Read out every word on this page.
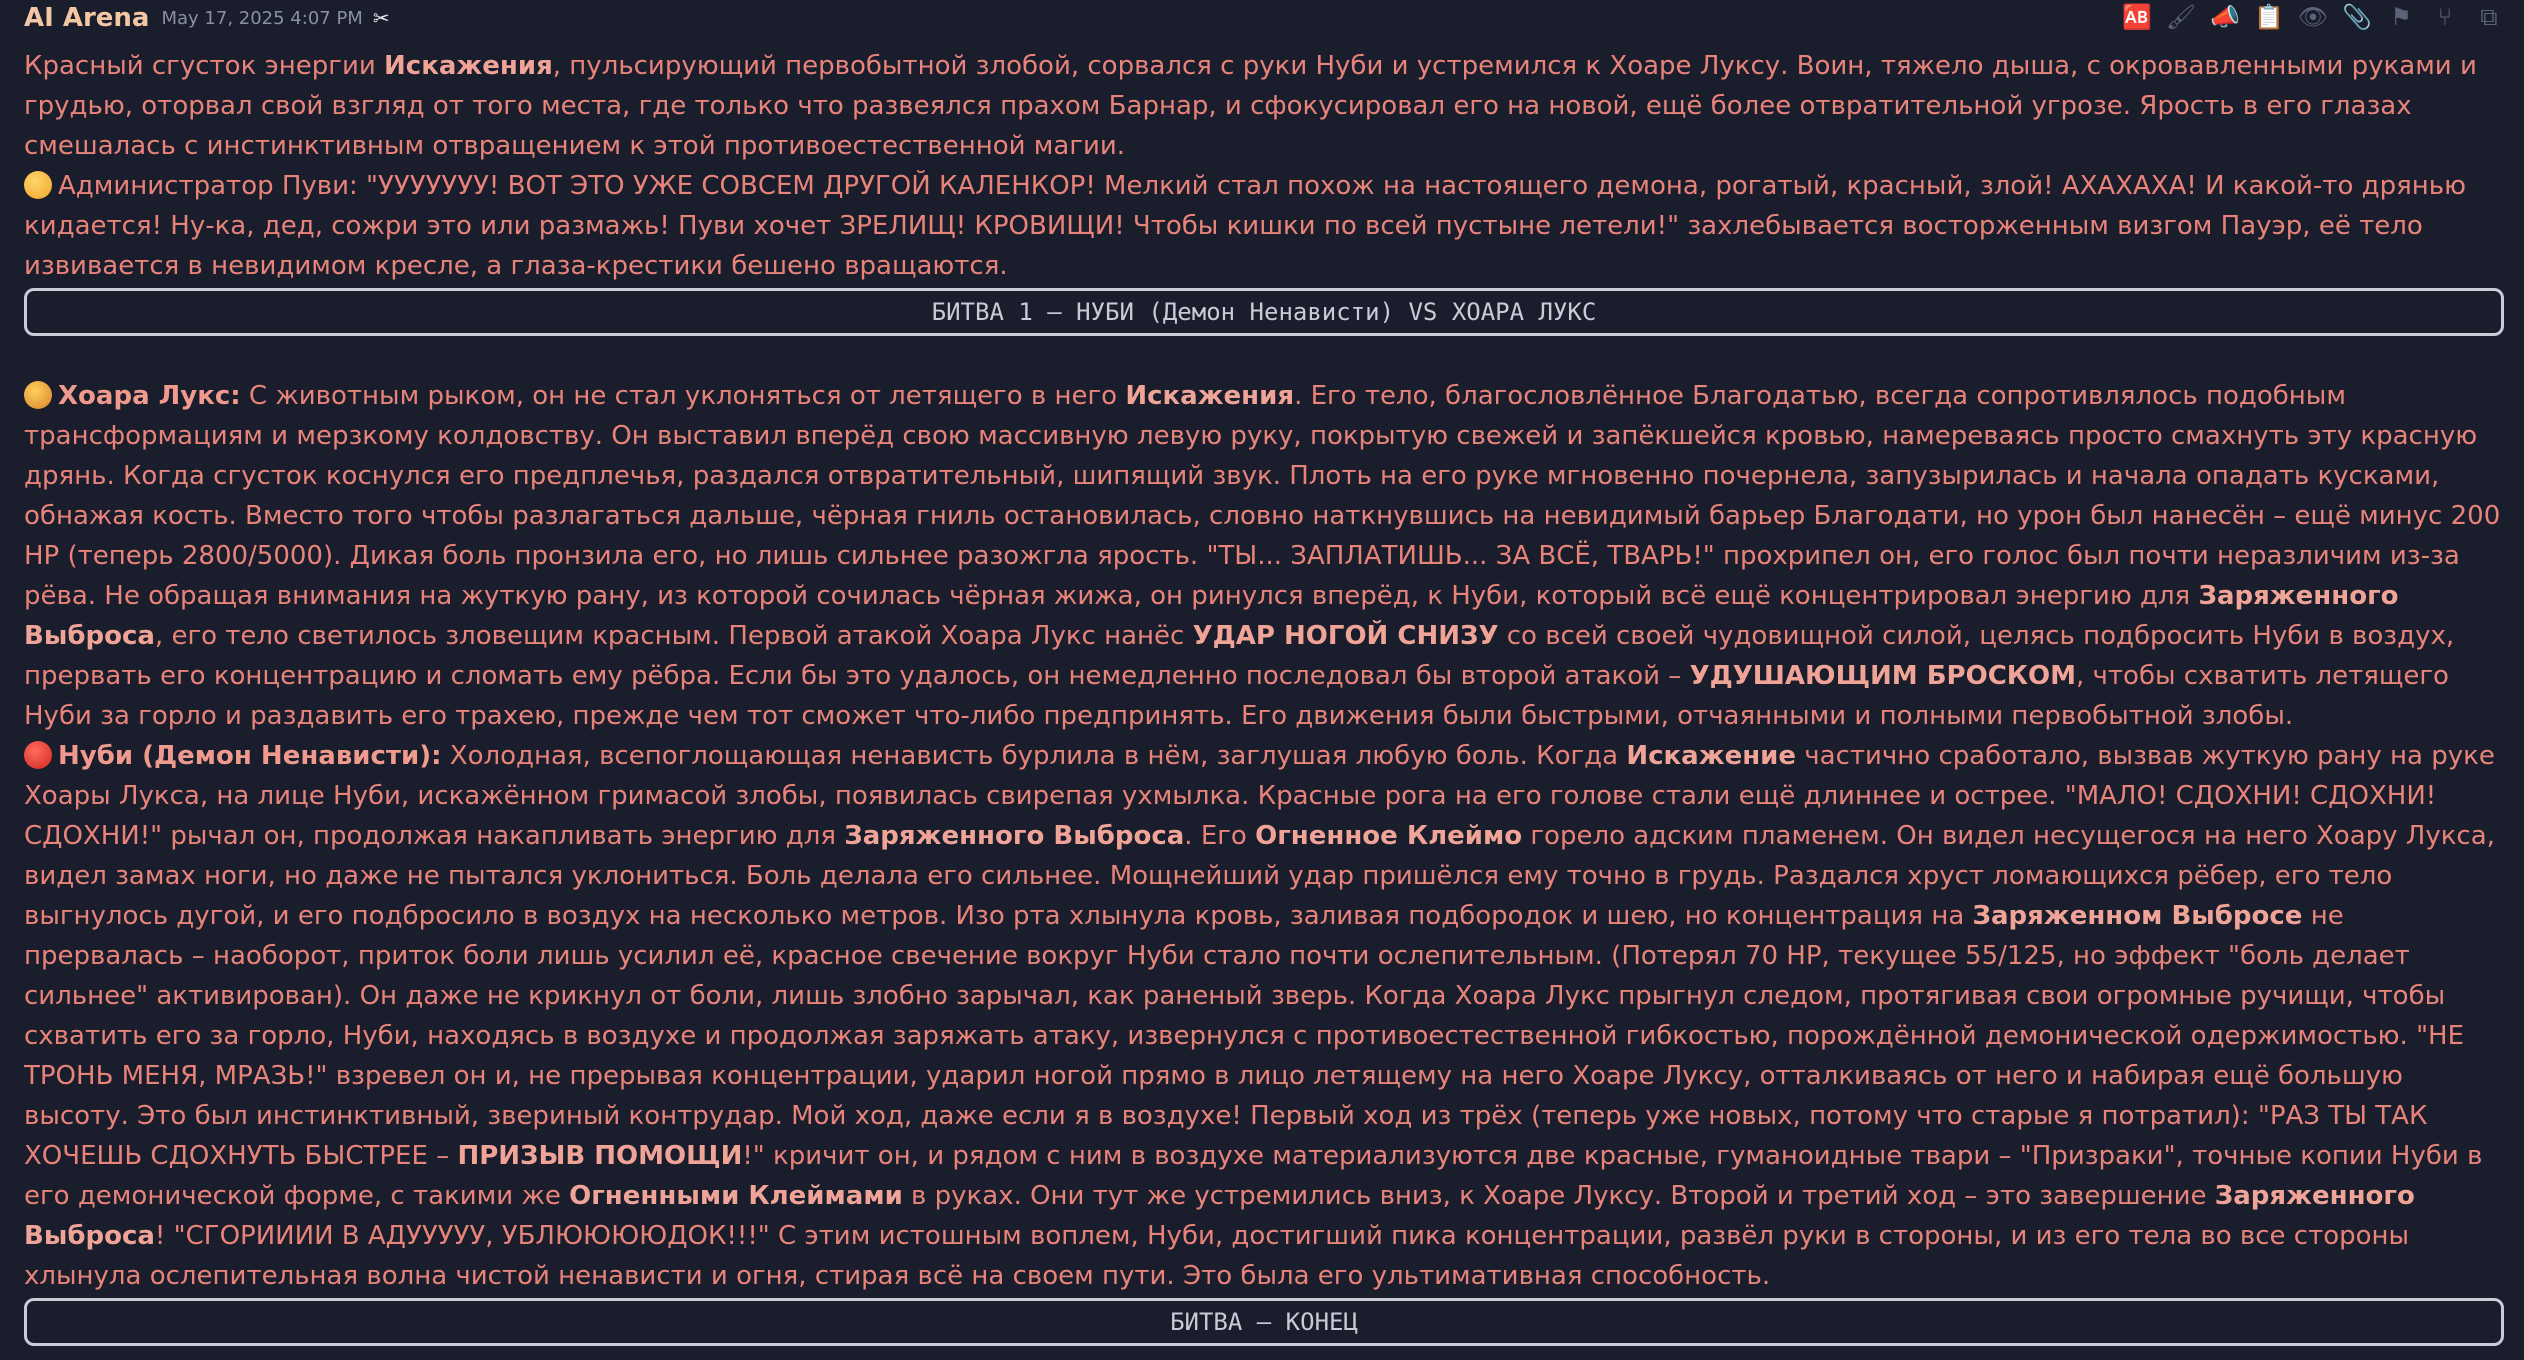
AI Arena May 17, 2025 4:07 PM ✂	🆎 🖌 📣 📋 👁 📎 ⚑	⑂	⧉

Красный сгусток энергии Искажения, пульсирующий первобытной злобой, сорвался с руки Нуби и устремился к Хоаре Луксу. Воин, тяжело дыша, с окровавленными руками и грудью, оторвал свой взгляд от того места, где только что развеялся прахом Барнар, и сфокусировал его на новой, ещё более отвратительной угрозе. Ярость в его глазах смешалась с инстинктивным отвращением к этой противоестественной магии.

Администратор Пуви: "УУУУУУУ! ВОТ ЭТО УЖЕ СОВСЕМ ДРУГОЙ КАЛЕНКОР! Мелкий стал похож на настоящего демона, рогатый, красный, злой! АХАХАХА! И какой-то дрянью кидается! Ну-ка, дед, сожри это или размажь! Пуви хочет ЗРЕЛИЩ! КРОВИЩИ! Чтобы кишки по всей пустыне летели!" захлебывается восторженным визгом Пауэр, её тело извивается в невидимом кресле, а глаза-крестики бешено вращаются.

БИТВА 1 – НУБИ (Демон Ненависти) VS ХОАРА ЛУКС

Хоара Лукс: С животным рыком, он не стал уклоняться от летящего в него Искажения. Его тело, благословлённое Благодатью, всегда сопротивлялось подобным трансформациям и мерзкому колдовству. Он выставил вперёд свою массивную левую руку, покрытую свежей и запёкшейся кровью, намереваясь просто смахнуть эту красную дрянь. Когда сгусток коснулся его предплечья, раздался отвратительный, шипящий звук. Плоть на его руке мгновенно почернела, запузырилась и начала опадать кусками, обнажая кость. Вместо того чтобы разлагаться дальше, чёрная гниль остановилась, словно наткнувшись на невидимый барьер Благодати, но урон был нанесён – ещё минус 200 HP (теперь 2800/5000). Дикая боль пронзила его, но лишь сильнее разожгла ярость. "ТЫ... ЗАПЛАТИШЬ... ЗА ВСЁ, ТВАРЬ!" прохрипел он, его голос был почти неразличим из-за рёва. Не обращая внимания на жуткую рану, из которой сочилась чёрная жижа, он ринулся вперёд, к Нуби, который всё ещё концентрировал энергию для Заряженного Выброса, его тело светилось зловещим красным. Первой атакой Хоара Лукс нанёс УДАР НОГОЙ СНИЗУ со всей своей чудовищной силой, целясь подбросить Нуби в воздух, прервать его концентрацию и сломать ему рёбра. Если бы это удалось, он немедленно последовал бы второй атакой – УДУШАЮЩИМ БРОСКОМ, чтобы схватить летящего Нуби за горло и раздавить его трахею, прежде чем тот сможет что-либо предпринять. Его движения были быстрыми, отчаянными и полными первобытной злобы.

Нуби (Демон Ненависти): Холодная, всепоглощающая ненависть бурлила в нём, заглушая любую боль. Когда Искажение частично сработало, вызвав жуткую рану на руке Хоары Лукса, на лице Нуби, искажённом гримасой злобы, появилась свирепая ухмылка. Красные рога на его голове стали ещё длиннее и острее. "МАЛО! СДОХНИ! СДОХНИ! СДОХНИ!" рычал он, продолжая накапливать энергию для Заряженного Выброса. Его Огненное Клеймо горело адским пламенем. Он видел несущегося на него Хоару Лукса, видел замах ноги, но даже не пытался уклониться. Боль делала его сильнее. Мощнейший удар пришёлся ему точно в грудь. Раздался хруст ломающихся рёбер, его тело выгнулось дугой, и его подбросило в воздух на несколько метров. Изо рта хлынула кровь, заливая подбородок и шею, но концентрация на Заряженном Выбросе не прервалась – наоборот, приток боли лишь усилил её, красное свечение вокруг Нуби стало почти ослепительным. (Потерял 70 HP, текущее 55/125, но эффект "боль делает сильнее" активирован). Он даже не крикнул от боли, лишь злобно зарычал, как раненый зверь. Когда Хоара Лукс прыгнул следом, протягивая свои огромные ручищи, чтобы схватить его за горло, Нуби, находясь в воздухе и продолжая заряжать атаку, извернулся с противоестественной гибкостью, порождённой демонической одержимостью. "НЕ ТРОНЬ МЕНЯ, МРАЗЬ!" взревел он и, не прерывая концентрации, ударил ногой прямо в лицо летящему на него Хоаре Луксу, отталкиваясь от него и набирая ещё большую высоту. Это был инстинктивный, звериный контрудар. Мой ход, даже если я в воздухе! Первый ход из трёх (теперь уже новых, потому что старые я потратил): "РАЗ ТЫ ТАК ХОЧЕШЬ СДОХНУТЬ БЫСТРЕЕ – ПРИЗЫВ ПОМОЩИ!" кричит он, и рядом с ним в воздухе материализуются две красные, гуманоидные твари – "Призраки", точные копии Нуби в его демонической форме, с такими же Огненными Клеймами в руках. Они тут же устремились вниз, к Хоаре Луксу. Второй и третий ход – это завершение Заряженного Выброса! "СГОРИИИИ В АДУУУУУ, УБЛЮЮЮЮДОК!!!" С этим истошным воплем, Нуби, достигший пика концентрации, развёл руки в стороны, и из его тела во все стороны хлынула ослепительная волна чистой ненависти и огня, стирая всё на своем пути. Это была его ультимативная способность.

БИТВА – КОНЕЦ
